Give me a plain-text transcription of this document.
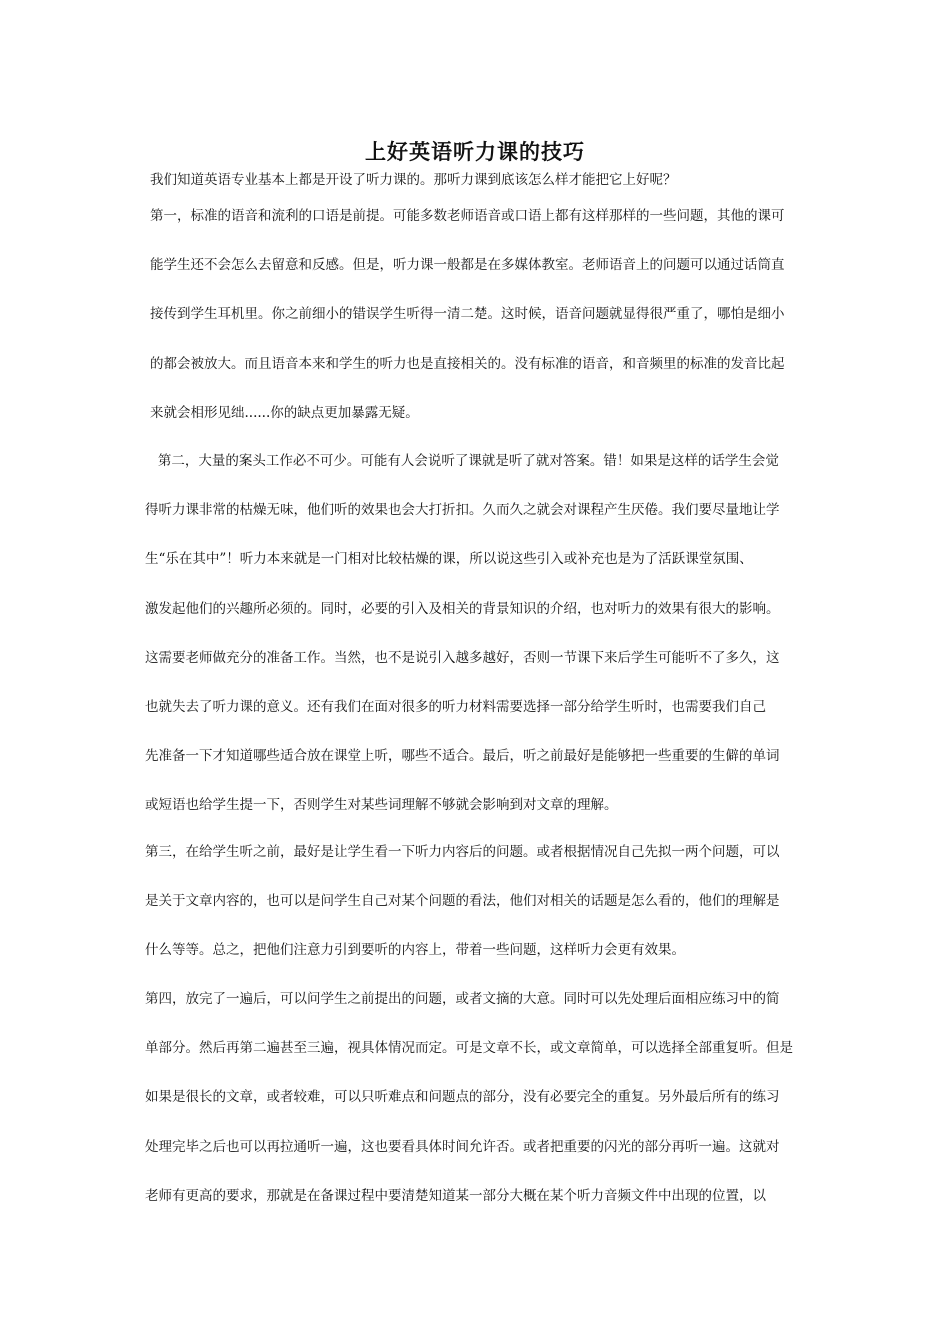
上好英语听力课的技巧
我们知道英语专业基本上都是开设了听力课的。那听力课到底该怎么样才能把它上好呢？
第一，标准的语音和流利的口语是前提。可能多数老师语音或口语上都有这样那样的一些问题，其他的课可
能学生还不会怎么去留意和反感。但是，听力课一般都是在多媒体教室。老师语音上的问题可以通过话筒直
接传到学生耳机里。你之前细小的错误学生听得一清二楚。这时候，语音问题就显得很严重了，哪怕是细小
的都会被放大。而且语音本来和学生的听力也是直接相关的。没有标准的语音，和音频里的标准的发音比起
来就会相形见绌......你的缺点更加暴露无疑。
第二，大量的案头工作必不可少。可能有人会说听了课就是听了就对答案。错！如果是这样的话学生会觉
得听力课非常的枯燥无味，他们听的效果也会大打折扣。久而久之就会对课程产生厌倦。我们要尽量地让学
生“乐在其中”！听力本来就是一门相对比较枯燥的课，所以说这些引入或补充也是为了活跃课堂氛围、
激发起他们的兴趣所必须的。同时，必要的引入及相关的背景知识的介绍，也对听力的效果有很大的影响。
这需要老师做充分的准备工作。当然，也不是说引入越多越好，否则一节课下来后学生可能听不了多久，这
也就失去了听力课的意义。还有我们在面对很多的听力材料需要选择一部分给学生听时，也需要我们自己
先准备一下才知道哪些适合放在课堂上听，哪些不适合。最后，听之前最好是能够把一些重要的生僻的单词
或短语也给学生提一下，否则学生对某些词理解不够就会影响到对文章的理解。
第三，在给学生听之前，最好是让学生看一下听力内容后的问题。或者根据情况自己先拟一两个问题，可以
是关于文章内容的，也可以是问学生自己对某个问题的看法，他们对相关的话题是怎么看的，他们的理解是
什么等等。总之，把他们注意力引到要听的内容上，带着一些问题，这样听力会更有效果。
第四，放完了一遍后，可以问学生之前提出的问题，或者文摘的大意。同时可以先处理后面相应练习中的简
单部分。然后再第二遍甚至三遍，视具体情况而定。可是文章不长，或文章简单，可以选择全部重复听。但是
如果是很长的文章，或者较难，可以只听难点和问题点的部分，没有必要完全的重复。另外最后所有的练习
处理完毕之后也可以再拉通听一遍，这也要看具体时间允许否。或者把重要的闪光的部分再听一遍。这就对
老师有更高的要求，那就是在备课过程中要清楚知道某一部分大概在某个听力音频文件中出现的位置，以
